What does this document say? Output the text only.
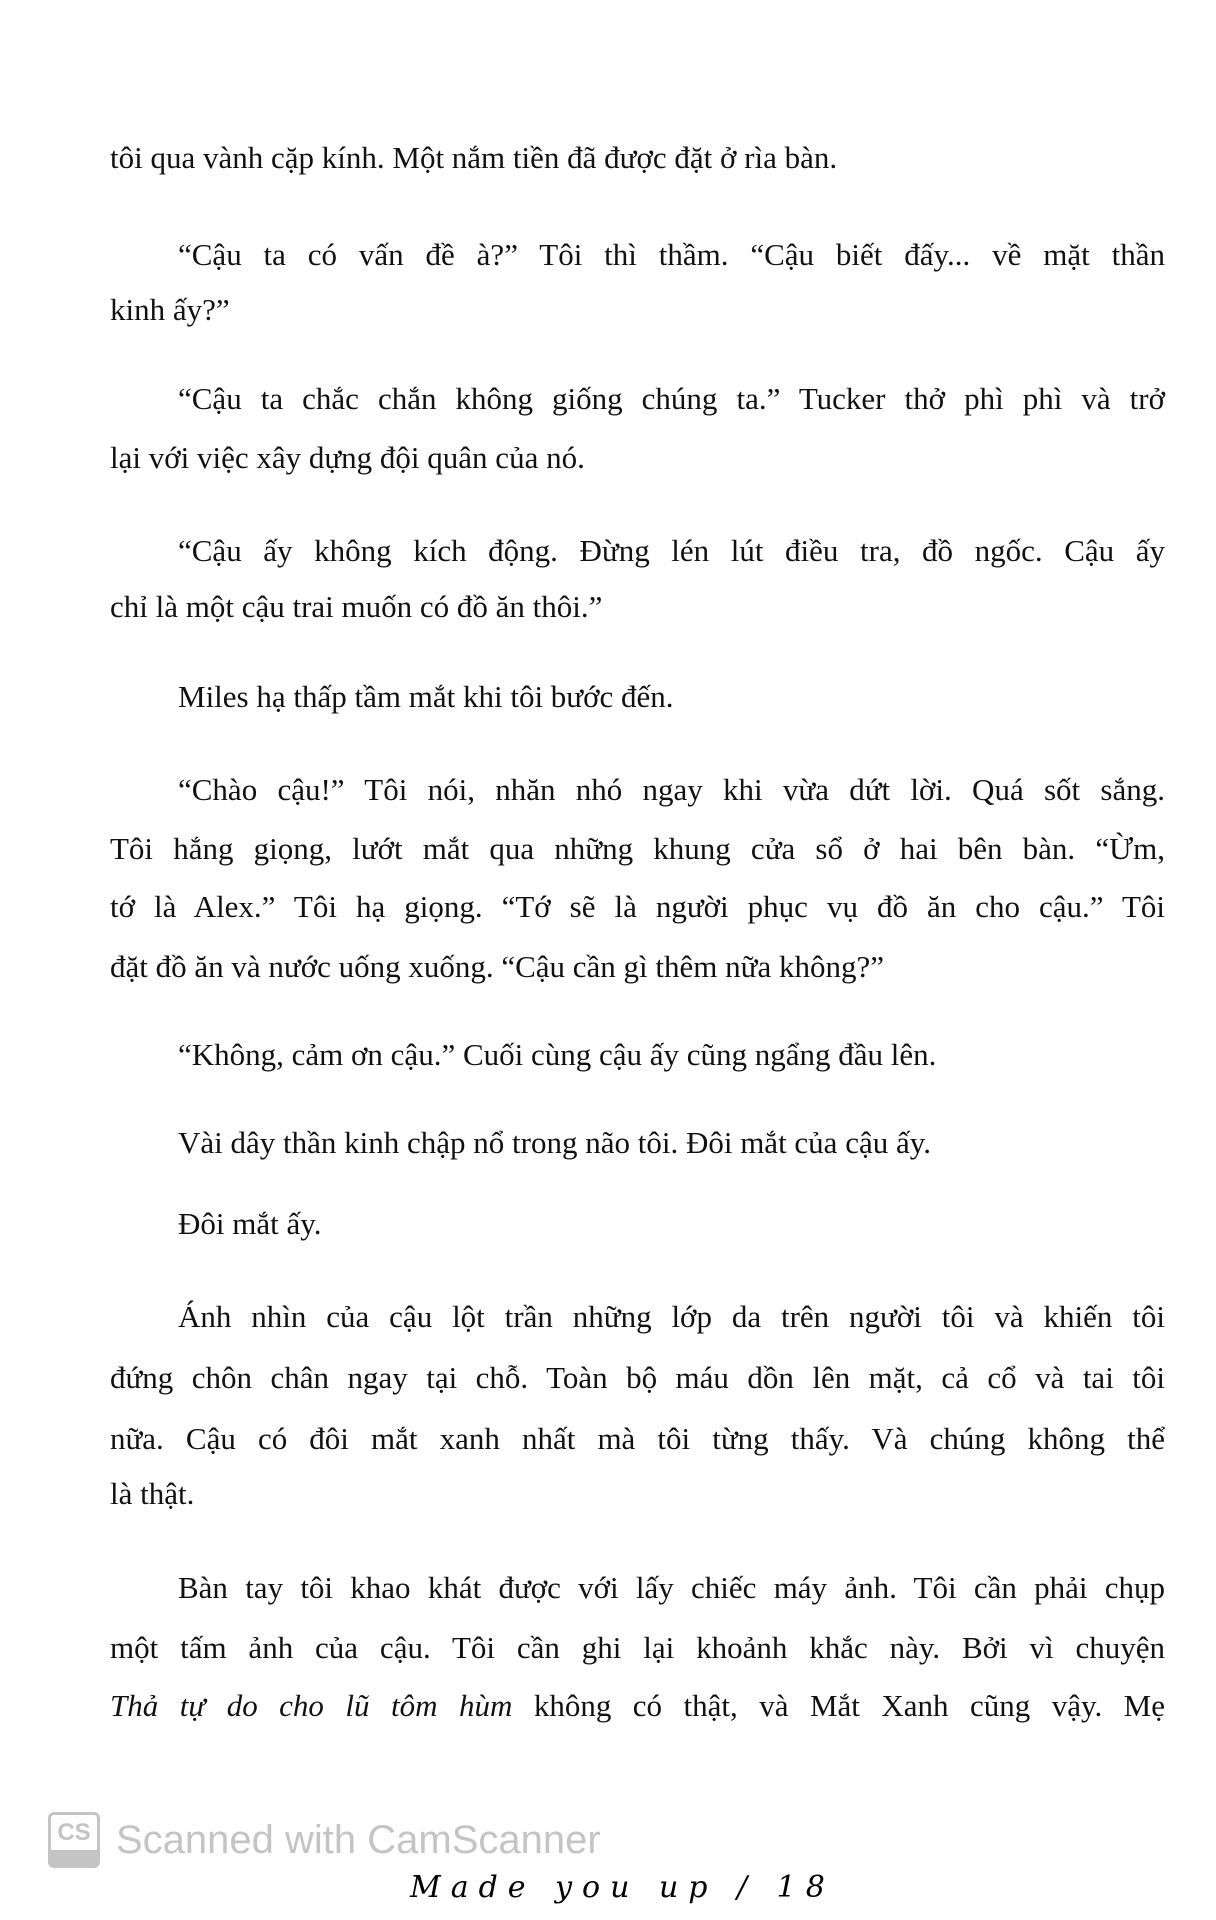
tôi qua vành cặp kính. Một nắm tiền đã được đặt ở rìa bàn.
“Cậu ta có vấn đề à?” Tôi thì thầm. “Cậu biết đấy... về mặt thần
kinh ấy?”
“Cậu ta chắc chắn không giống chúng ta.” Tucker thở phì phì và trở
lại với việc xây dựng đội quân của nó.
“Cậu ấy không kích động. Đừng lén lút điều tra, đồ ngốc. Cậu ấy
chỉ là một cậu trai muốn có đồ ăn thôi.”
Miles hạ thấp tầm mắt khi tôi bước đến.
“Chào cậu!” Tôi nói, nhăn nhó ngay khi vừa dứt lời. Quá sốt sắng.
Tôi hắng giọng, lướt mắt qua những khung cửa sổ ở hai bên bàn. “Ừm,
tớ là Alex.” Tôi hạ giọng. “Tớ sẽ là người phục vụ đồ ăn cho cậu.” Tôi
đặt đồ ăn và nước uống xuống. “Cậu cần gì thêm nữa không?”
“Không, cảm ơn cậu.” Cuối cùng cậu ấy cũng ngẩng đầu lên.
Vài dây thần kinh chập nổ trong não tôi. Đôi mắt của cậu ấy.
Đôi mắt ấy.
Ánh nhìn của cậu lột trần những lớp da trên người tôi và khiến tôi
đứng chôn chân ngay tại chỗ. Toàn bộ máu dồn lên mặt, cả cổ và tai tôi
nữa. Cậu có đôi mắt xanh nhất mà tôi từng thấy. Và chúng không thể
là thật.
Bàn tay tôi khao khát được với lấy chiếc máy ảnh. Tôi cần phải chụp
một tấm ảnh của cậu. Tôi cần ghi lại khoảnh khắc này. Bởi vì chuyện
Thả tự do cho lũ tôm hùm không có thật, và Mắt Xanh cũng vậy. Mẹ
CS Scanned with CamScanner
Made you up / 18
